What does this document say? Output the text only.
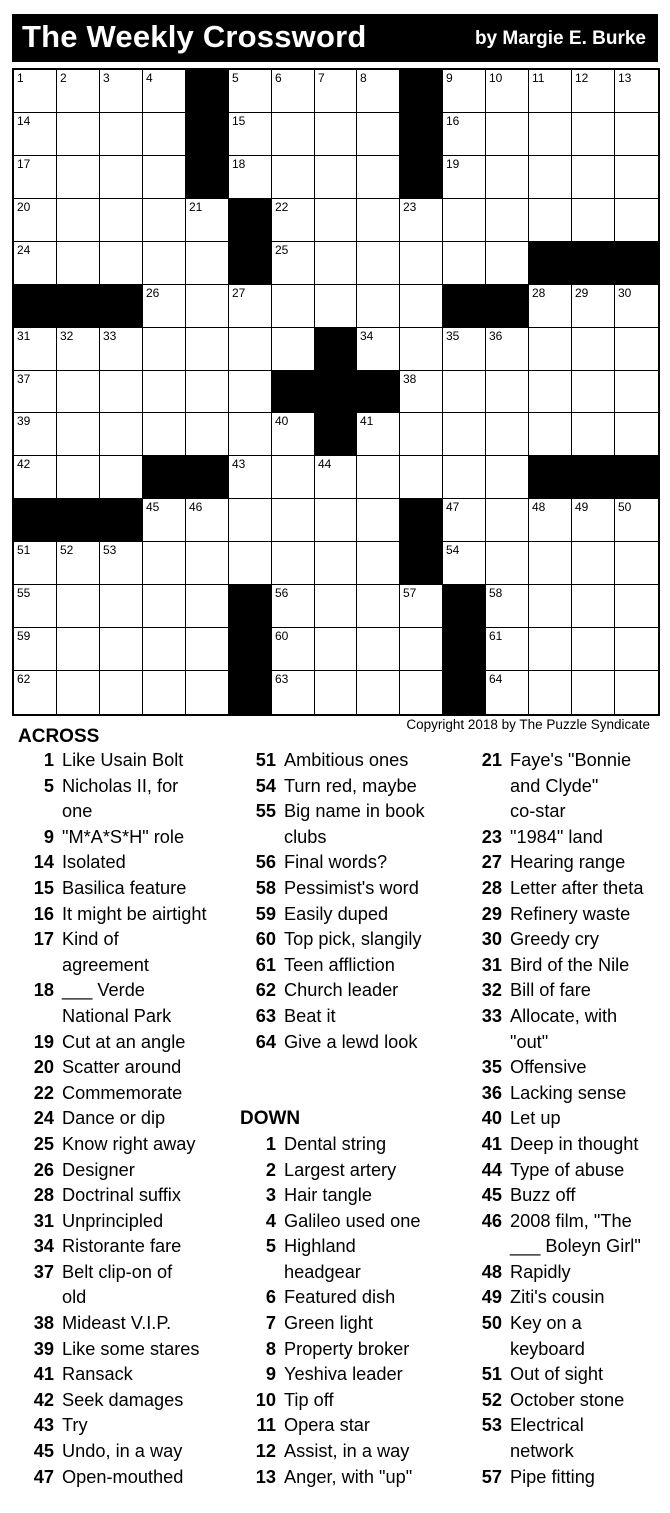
The Weekly Crossword	by Margie E. Burke
1	2	3	4	5	6	7	8	9	10 11	12 13
14	15	16
17	18	19
20	21	22	23
24	25
26	27	28 29 30
31 32 33	34	35 36
37	38
39	40	41
42	43	44
45 46	47	48 49 50
51 52 53	54
55	56	57	58
59	60	61
62	63	64
Copyright 2018 by The Puzzle Syndicate
ACROSS
1 Like Usain Bolt
5 Nicholas II, for
one
9 "M*A*S*H" role
14 Isolated
15 Basilica feature
16 It might be airtight
17 Kind of
agreement
18 ___ Verde
National Park
19 Cut at an angle
20 Scatter around
22 Commemorate
24 Dance or dip
25 Know right away
26 Designer
28 Doctrinal suffix
31 Unprincipled
34 Ristorante fare
37 Belt clip-on of
old
38 Mideast V.I.P.
39 Like some stares
41 Ransack
42 Seek damages
43 Try
45 Undo, in a way
47 Open-mouthed
51 Ambitious ones
54 Turn red, maybe
55 Big name in book
clubs
56 Final words?
58 Pessimist's word
59 Easily duped
60 Top pick, slangily
61 Teen affliction
62 Church leader
63 Beat it
64 Give a lewd look
DOWN
1 Dental string
2 Largest artery
3 Hair tangle
4 Galileo used one
5 Highland
headgear
6 Featured dish
7 Green light
8 Property broker
9 Yeshiva leader
10 Tip off
11 Opera star
12 Assist, in a way
13 Anger, with "up"
21 Faye's "Bonnie
and Clyde"
co-star
23 "1984" land
27 Hearing range
28 Letter after theta
29 Refinery waste
30 Greedy cry
31 Bird of the Nile
32 Bill of fare
33 Allocate, with
"out"
35 Offensive
36 Lacking sense
40 Let up
41 Deep in thought
44 Type of abuse
45 Buzz off
46 2008 film, "The
___ Boleyn Girl"
48 Rapidly
49 Ziti's cousin
50 Key on a
keyboard
51 Out of sight
52 October stone
53 Electrical
network
57 Pipe fitting
